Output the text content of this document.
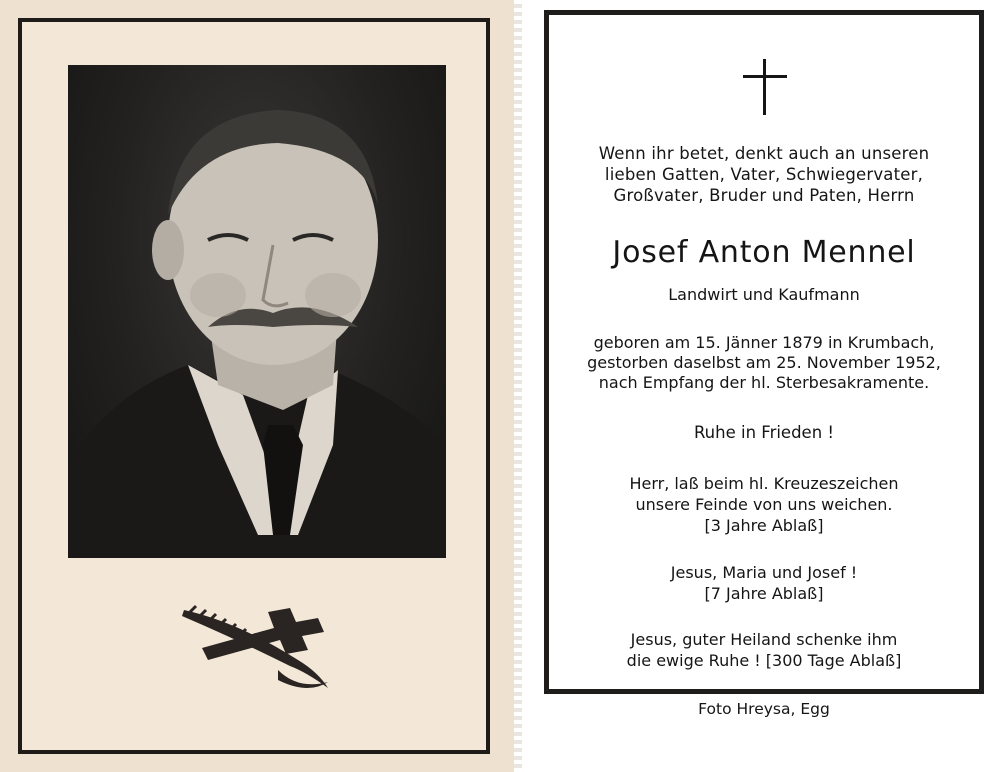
Wenn ihr betet, denkt auch an unseren
lieben Gatten, Vater, Schwiegervater,
Großvater, Bruder und Paten, Herrn
Josef Anton Mennel
Landwirt und Kaufmann
geboren am 15. Jänner 1879 in Krumbach,
gestorben daselbst am 25. November 1952,
nach Empfang der hl. Sterbesakramente.
Ruhe in Frieden !
Herr, laß beim hl. Kreuzeszeichen
unsere Feinde von uns weichen.
[3 Jahre Ablaß]
Jesus, Maria und Josef !
[7 Jahre Ablaß]
Jesus, guter Heiland schenke ihm
die ewige Ruhe ! [300 Tage Ablaß]
Foto Hreysa, Egg
